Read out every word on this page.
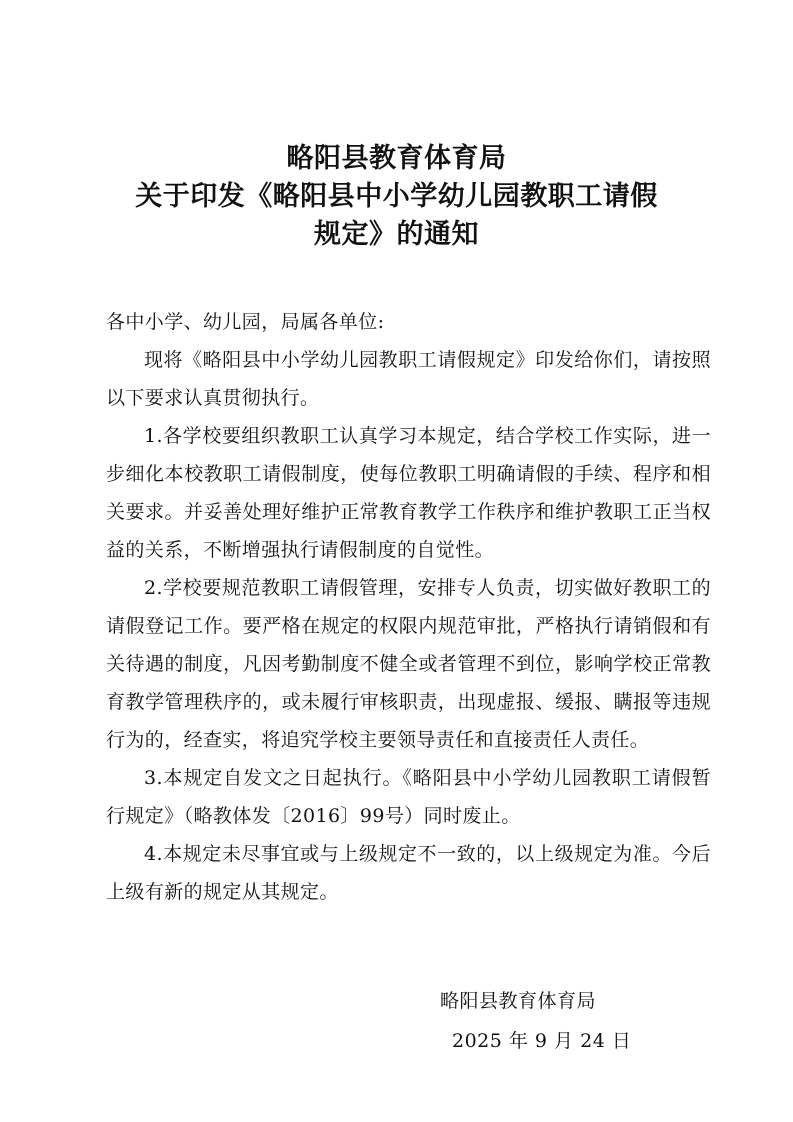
略阳县教育体育局
关于印发《略阳县中小学幼儿园教职工请假
规定》的通知

各中小学、幼儿园，局属各单位:

现将《略阳县中小学幼儿园教职工请假规定》印发给你们，请按照以下要求认真贯彻执行。

1.各学校要组织教职工认真学习本规定，结合学校工作实际，进一步细化本校教职工请假制度，使每位教职工明确请假的手续、程序和相关要求。并妥善处理好维护正常教育教学工作秩序和维护教职工正当权益的关系，不断增强执行请假制度的自觉性。

2.学校要规范教职工请假管理，安排专人负责，切实做好教职工的请假登记工作。要严格在规定的权限内规范审批，严格执行请销假和有关待遇的制度，凡因考勤制度不健全或者管理不到位，影响学校正常教育教学管理秩序的，或未履行审核职责，出现虚报、缓报、瞒报等违规行为的，经查实，将追究学校主要领导责任和直接责任人责任。

3.本规定自发文之日起执行。《略阳县中小学幼儿园教职工请假暂行规定》（略教体发〔2016〕99号）同时废止。

4.本规定未尽事宜或与上级规定不一致的，以上级规定为准。今后上级有新的规定从其规定。

略阳县教育体育局
2025 年 9 月 24 日
